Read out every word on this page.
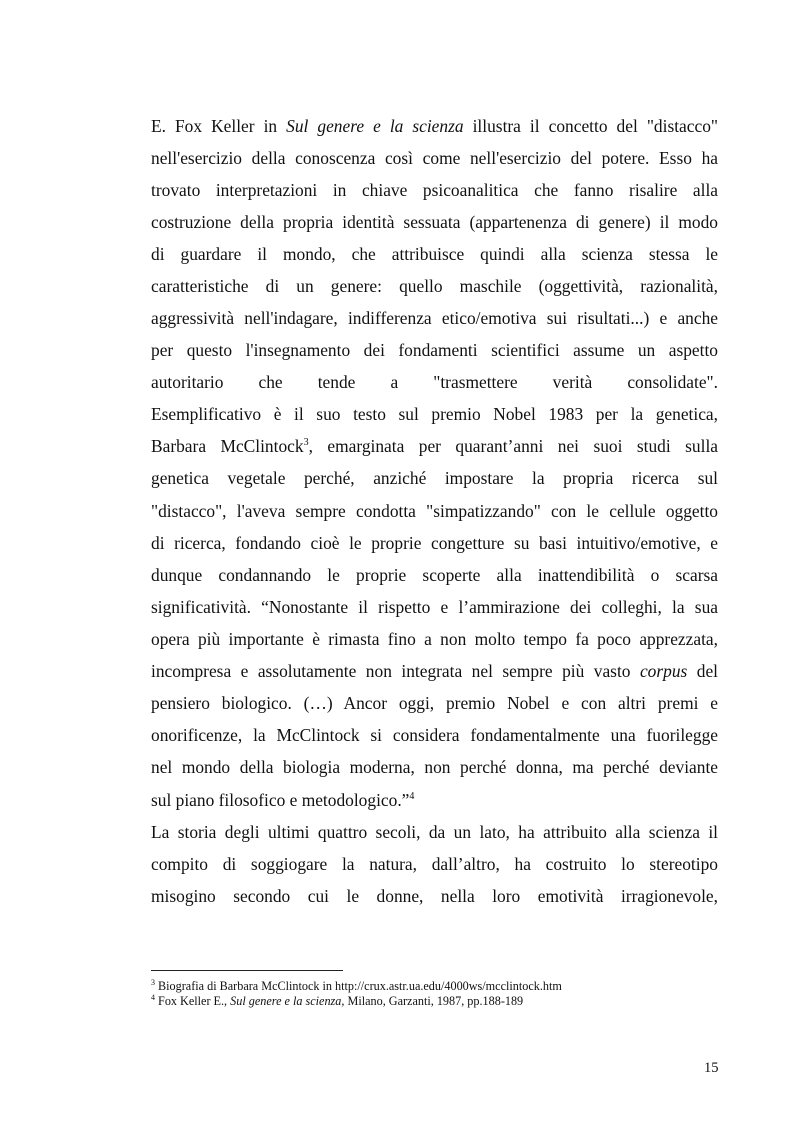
E. Fox Keller in Sul genere e la scienza illustra il concetto del "distacco"
nell'esercizio della conoscenza così come nell'esercizio del potere. Esso ha
trovato interpretazioni in chiave psicoanalitica che fanno risalire alla
costruzione della propria identità sessuata (appartenenza di genere) il modo
di guardare il mondo, che attribuisce quindi alla scienza stessa le
caratteristiche di un genere: quello maschile (oggettività, razionalità,
aggressività nell'indagare, indifferenza etico/emotiva sui risultati...) e anche
per questo l'insegnamento dei fondamenti scientifici assume un aspetto
autoritario che tende a "trasmettere verità consolidate".
Esemplificativo è il suo testo sul premio Nobel 1983 per la genetica,
Barbara McClintock$^3$, emarginata per quarant’anni nei suoi studi sulla
genetica vegetale perché, anziché impostare la propria ricerca sul
"distacco", l'aveva sempre condotta "simpatizzando" con le cellule oggetto
di ricerca, fondando cioè le proprie congetture su basi intuitivo/emotive, e
dunque condannando le proprie scoperte alla inattendibilità o scarsa
significatività. “Nonostante il rispetto e l’ammirazione dei colleghi, la sua
opera più importante è rimasta fino a non molto tempo fa poco apprezzata,
incompresa e assolutamente non integrata nel sempre più vasto corpus del
pensiero biologico. (…) Ancor oggi, premio Nobel e con altri premi e
onorificenze, la McClintock si considera fondamentalmente una fuorilegge
nel mondo della biologia moderna, non perché donna, ma perché deviante
sul piano filosofico e metodologico.”$^4$
La storia degli ultimi quattro secoli, da un lato, ha attribuito alla scienza il
compito di soggiogare la natura, dall’altro, ha costruito lo stereotipo
misogino secondo cui le donne, nella loro emotività irragionevole,
$^3$ Biografia di Barbara McClintock in http://crux.astr.ua.edu/4000ws/mcclintock.htm
$^4$ Fox Keller E., Sul genere e la scienza, Milano, Garzanti, 1987, pp.188-189
15
